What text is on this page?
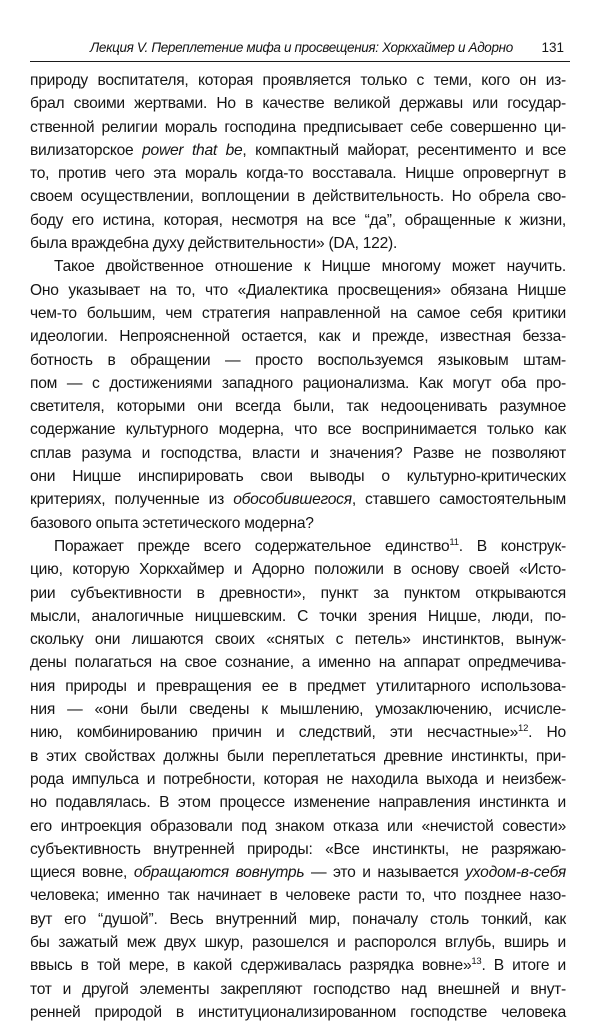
Лекция V. Переплетение мифа и просвещения: Хоркхаймер и Адорно 131
природу воспитателя, которая проявляется только с теми, кого он из-
брал своими жертвами. Но в качестве великой державы или государ-
ственной религии мораль господина предписывает себе совершенно ци-
вилизаторское power that be, компактный майорат, ресентименто и все
то, против чего эта мораль когда-то восставала. Ницше опровергнут в
своем осуществлении, воплощении в действительность. Но обрела сво-
боду его истина, которая, несмотря на все “да”, обращенные к жизни,
была враждебна духу действительности» (DA, 122).
Такое двойственное отношение к Ницше многому может научить.
Оно указывает на то, что «Диалектика просвещения» обязана Ницше
чем-то большим, чем стратегия направленной на самое себя критики
идеологии. Непроясненной остается, как и прежде, известная безза-
ботность в обращении — просто воспользуемся языковым штам-
пом — с достижениями западного рационализма. Как могут оба про-
светителя, которыми они всегда были, так недооценивать разумное
содержание культурного модерна, что все воспринимается только как
сплав разума и господства, власти и значения? Разве не позволяют
они Ницше инспирировать свои выводы о культурно-критических
критериях, полученные из обособившегося, ставшего самостоятельным
базового опыта эстетического модерна?
Поражает прежде всего содержательное единство$^{11}$. В конструк-
цию, которую Хоркхаймер и Адорно положили в основу своей «Исто-
рии субъективности в древности», пункт за пунктом открываются
мысли, аналогичные ницшевским. С точки зрения Ницше, люди, по-
скольку они лишаются своих «снятых с петель» инстинктов, вынуж-
дены полагаться на свое сознание, а именно на аппарат опредмечива-
ния природы и превращения ее в предмет утилитарного использова-
ния — «они были сведены к мышлению, умозаключению, исчисле-
нию, комбинированию причин и следствий, эти несчастные»$^{12}$. Но
в этих свойствах должны были переплетаться древние инстинкты, при-
рода импульса и потребности, которая не находила выхода и неизбеж-
но подавлялась. В этом процессе изменение направления инстинкта и
его интроекция образовали под знаком отказа или «нечистой совести»
субъективность внутренней природы: «Все инстинкты, не разряжаю-
щиеся вовне, обращаются вовнутрь — это и называется уходом-в-себя
человека; именно так начинает в человеке расти то, что позднее назо-
вут его “душой”. Весь внутренний мир, поначалу столь тонкий, как
бы зажатый меж двух шкур, разошелся и распоролся вглубь, вширь и
ввысь в той мере, в какой сдерживалась разрядка вовне»$^{13}$. В итоге и
тот и другой элементы закрепляют господство над внешней и внут-
ренней природой в институционализированном господстве человека
